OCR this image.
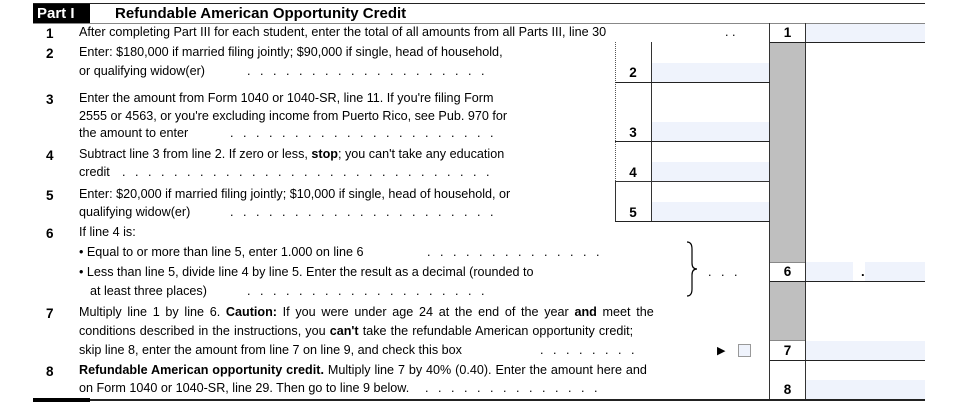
Part I	Refundable American Opportunity Credit
1 After completing Part III for each student, enter the total of all amounts from all Parts III, line 30	. .	1
2 Enter: $180,000 if married filing jointly; $90,000 if single, head of household,
or qualifying widow(er)	. . . . . . . . . . . . . . . . . . .	2
3 Enter the amount from Form 1040 or 1040-SR, line 11. If you're filing Form
2555 or 4563, or you're excluding income from Puerto Rico, see Pub. 970 for
the amount to enter	. . . . . . . . . . . . . . . . . . . . .	3
4 Subtract line 3 from line 2. If zero or less, stop; you can't take any education
credit . . . . . . . . . . . . . . . . . . . . . . . . . . . . .	4
5 Enter: $20,000 if married filing jointly; $10,000 if single, head of household, or
qualifying widow(er)	. . . . . . . . . . . . . . . . . . . . .	5
6 If line 4 is:
• Equal to or more than line 5, enter 1.000 on line 6	. . . . . . . . . . . . . .
• Less than line 5, divide line 4 by line 5. Enter the result as a decimal (rounded to
at least three places)	. . . . . . . . . . . . . . . . . . .
. . .	6	.
7 Multiply line 1 by line 6. Caution: If you were under age 24 at the end of the year and meet the
conditions described in the instructions, you can't take the refundable American opportunity credit;
skip line 8, enter the amount from line 7 on line 9, and check this box	. . . . . . . .	▶	7
8 Refundable American opportunity credit. Multiply line 7 by 40% (0.40). Enter the amount here and
on Form 1040 or 1040-SR, line 29. Then go to line 9 below. . . . . . . . . . . . . . .	8
